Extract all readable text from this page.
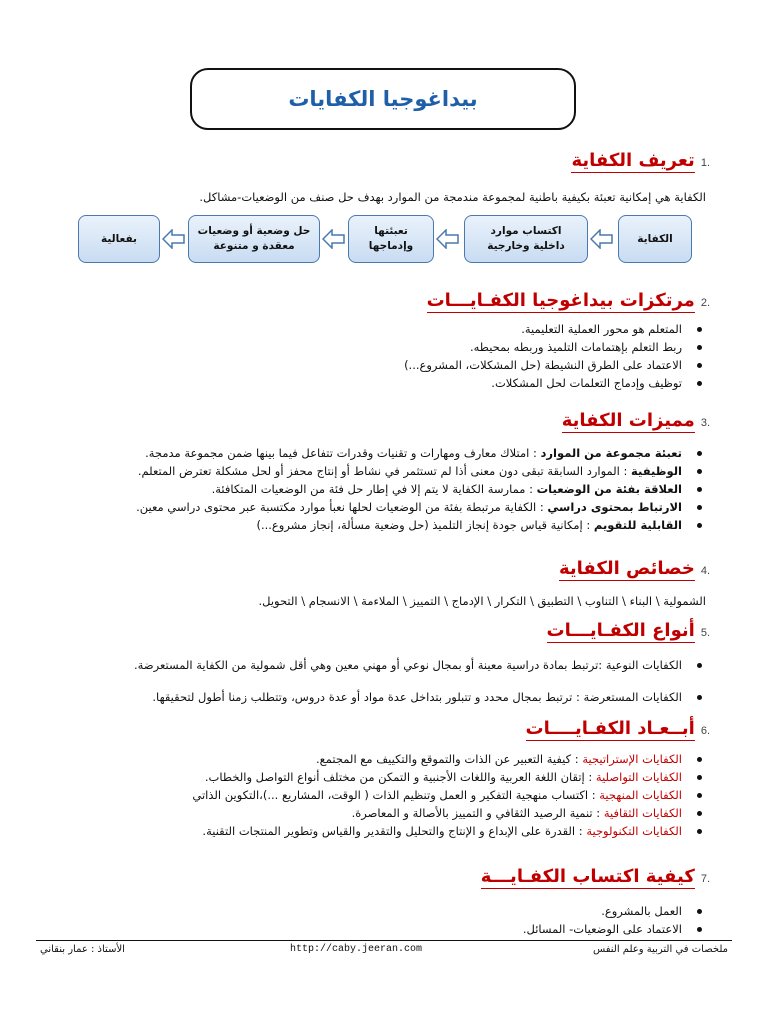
بيداغوجيا الكفايات
.1
تعريف الكفاية
الكفاية هي إمكانية تعبئة بكيفية باطنية لمجموعة مندمجة من الموارد بهدف حل صنف من الوضعيات-مشاكل.
الكفاية
اكتساب موارد
داخلية وخارجية
تعبئتها
وإدماجها
حل وضعية أو وضعيات
معقدة و متنوعة
بفعالية
.2
مرتكزات بيداغوجيا الكفـايـــات
المتعلم هو محور العملية التعليمية.
ربط التعلم بإهتمامات التلميذ وربطه بمحيطه.
الاعتماد على الطرق النشيطة (حل المشكلات، المشروع...)
توظيف وإدماج التعلمات لحل المشكلات.
.3
مميزات الكفاية
تعبئة مجموعة من الموارد : امتلاك معارف ومهارات و تقنيات وقدرات تتفاعل فيما بينها ضمن مجموعة مدمجة.
الوظيفية : الموارد السابقة تبقى دون معنى أذا لم تستثمر في نشاط أو إنتاج محفز أو لحل مشكلة تعترض المتعلم.
العلاقة بفئة من الوضعيات : ممارسة الكفاية لا يتم إلا في إطار حل فئة من الوضعيات المتكافئة.
الارتباط بمحتوى دراسي : الكفاية مرتبطة بفئة من الوضعيات لحلها نعبأ موارد مكتسبة عبر محتوى دراسي معين.
القابلية للتقويم : إمكانية قياس جودة إنجاز التلميذ (حل وضعية مسألة، إنجاز مشروع...)
.4
خصائص الكفاية
الشمولية \ البناء \ التناوب \ التطبيق \ التكرار \ الإدماج \ التمييز \ الملاءمة \ الانسجام \ التحويل.
.5
أنواع الكفـايـــات
الكفايات النوعية :ترتبط بمادة دراسية معينة أو بمجال نوعي أو مهني معين وهي أقل شمولية من الكفاية المستعرضة.
الكفايات المستعرضة : ترتبط بمجال محدد و تتبلور بتداخل عدة مواد أو عدة دروس، وتتطلب زمنا أطول لتحقيقها.
.6
أبــعـاد الكفـايــــات
الكفايات الإستراتيجية : كيفية التعبير عن الذات والتموقع والتكييف مع المجتمع.
الكفايات التواصلية : إتقان اللغة العربية واللغات الأجنبية و التمكن من مختلف أنواع التواصل والخطاب.
الكفايات المنهجية : اكتساب منهجية التفكير و العمل وتنظيم الذات ( الوقت، المشاريع ...)،التكوين الذاتي
الكفايات الثقافية : تنمية الرصيد الثقافي و التمييز بالأصالة و المعاصرة.
الكفايات التكنولوجية : القدرة على الإبداع و الإنتاج والتحليل والتقدير والقياس وتطوير المنتجات التقنية.
.7
كيفية اكتساب الكفـايـــة
العمل بالمشروع.
الاعتماد على الوضعيات- المسائل.
ملخصات في التربية وعلم النفس
http://caby.jeeran.com
الأستاذ : عمار بنقاني
